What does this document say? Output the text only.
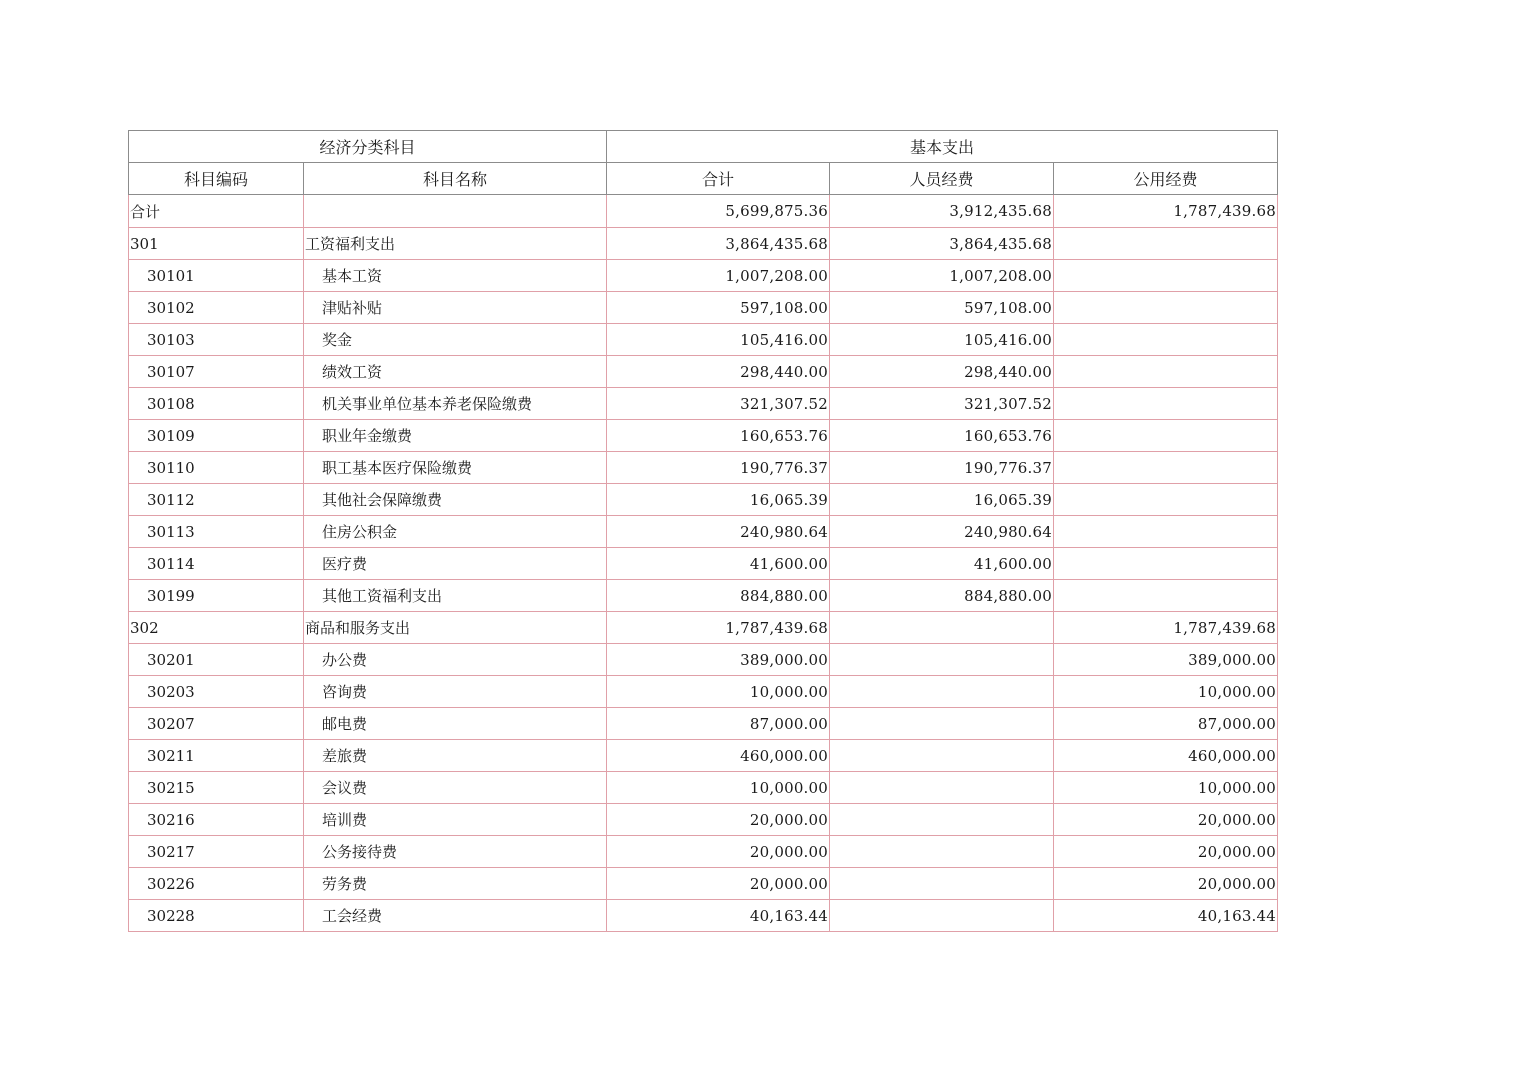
经济分类科目		基本支出		
科目编码	科目名称	合计	人员经费	公用经费
合计		5,699,875.36	3,912,435.68	1,787,439.68
301	工资福利支出	3,864,435.68	3,864,435.68	
30101	基本工资	1,007,208.00	1,007,208.00	
30102	津贴补贴	597,108.00	597,108.00	
30103	奖金	105,416.00	105,416.00	
30107	绩效工资	298,440.00	298,440.00	
30108	机关事业单位基本养老保险缴费	321,307.52	321,307.52	
30109	职业年金缴费	160,653.76	160,653.76	
30110	职工基本医疗保险缴费	190,776.37	190,776.37	
30112	其他社会保障缴费	16,065.39	16,065.39	
30113	住房公积金	240,980.64	240,980.64	
30114	医疗费	41,600.00	41,600.00	
30199	其他工资福利支出	884,880.00	884,880.00	
302	商品和服务支出	1,787,439.68		1,787,439.68
30201	办公费	389,000.00		389,000.00
30203	咨询费	10,000.00		10,000.00
30207	邮电费	87,000.00		87,000.00
30211	差旅费	460,000.00		460,000.00
30215	会议费	10,000.00		10,000.00
30216	培训费	20,000.00		20,000.00
30217	公务接待费	20,000.00		20,000.00
30226	劳务费	20,000.00		20,000.00
30228	工会经费	40,163.44		40,163.44
